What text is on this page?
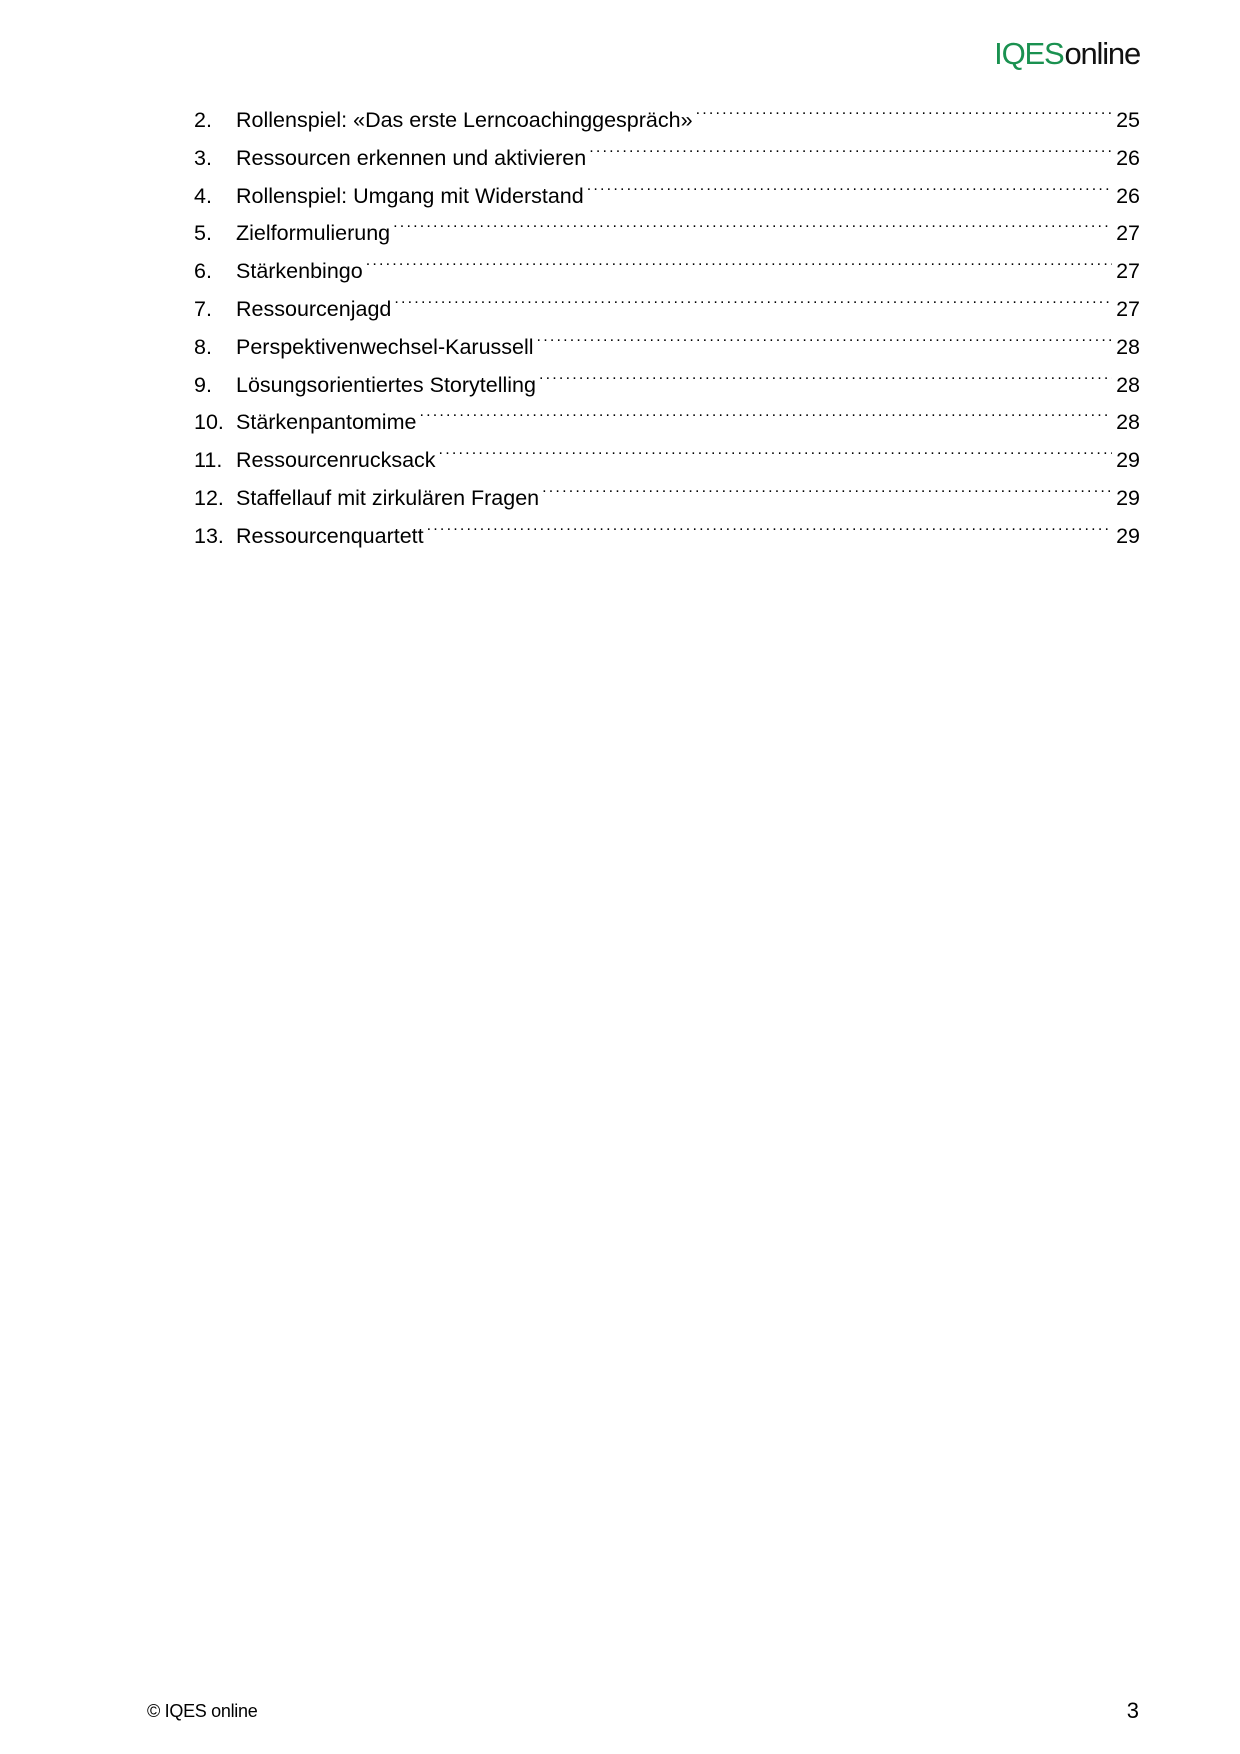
IQESonline
2.	Rollenspiel: «Das erste Lerncoachinggespräch» .....	25
3.	Ressourcen erkennen und aktivieren .....	26
4.	Rollenspiel: Umgang mit Widerstand .....	26
5.	Zielformulierung .....	27
6.	Stärkenbingo .....	27
7.	Ressourcenjagd .....	27
8.	Perspektivenwechsel-Karussell .....	28
9.	Lösungsorientiertes Storytelling .....	28
10. Stärkenpantomime .....	28
11. Ressourcenrucksack .....	29
12. Staffellauf mit zirkulären Fragen .....	29
13. Ressourcenquartett .....	29
© IQES online	3
